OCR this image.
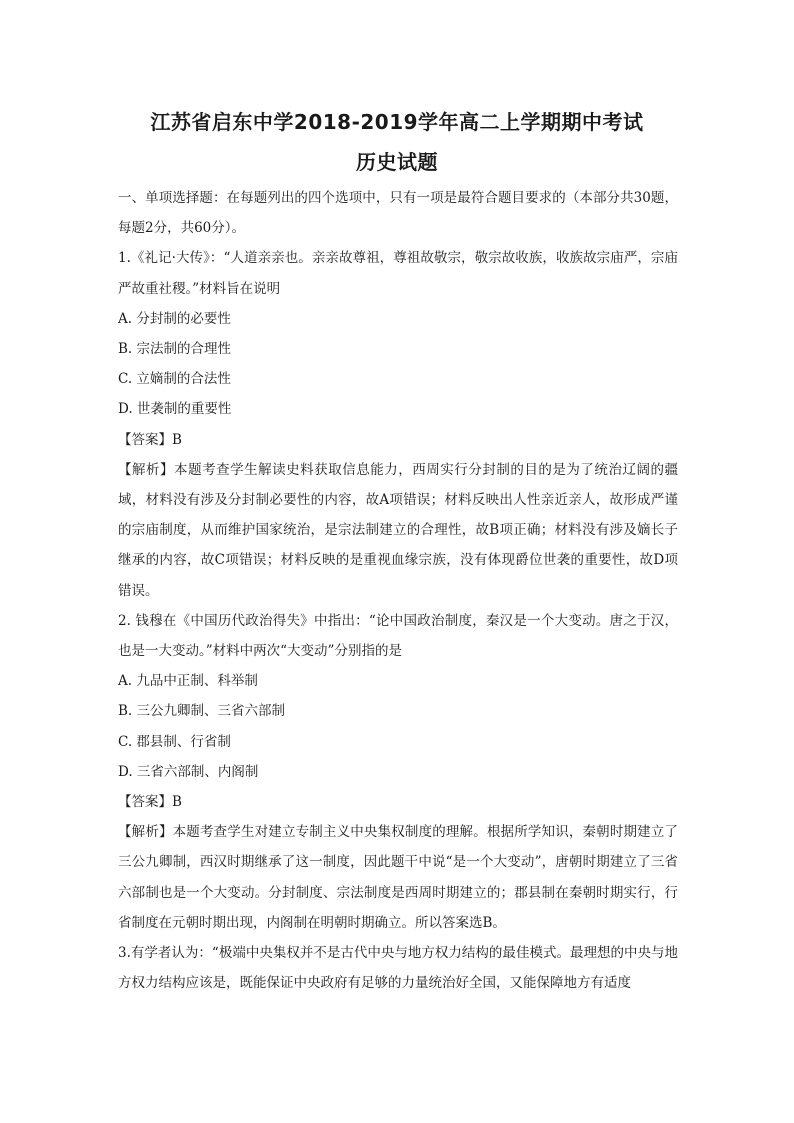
江苏省启东中学2018-2019学年高二上学期期中考试
历史试题

一、单项选择题：在每题列出的四个选项中，只有一项是最符合题目要求的（本部分共30题，每题2分，共60分）。

1.《礼记·大传》：“人道亲亲也。亲亲故尊祖，尊祖故敬宗，敬宗故收族，收族故宗庙严，宗庙严故重社稷。”材料旨在说明

A. 分封制的必要性

B. 宗法制的合理性

C. 立嫡制的合法性

D. 世袭制的重要性

【答案】B

【解析】本题考查学生解读史料获取信息能力，西周实行分封制的目的是为了统治辽阔的疆域，材料没有涉及分封制必要性的内容，故A项错误；材料反映出人性亲近亲人，故形成严谨的宗庙制度，从而维护国家统治，是宗法制建立的合理性，故B项正确；材料没有涉及嫡长子继承的内容，故C项错误；材料反映的是重视血缘宗族，没有体现爵位世袭的重要性，故D项错误。

2. 钱穆在《中国历代政治得失》中指出：“论中国政治制度，秦汉是一个大变动。唐之于汉，也是一大变动。”材料中两次“大变动”分别指的是

A. 九品中正制、科举制

B. 三公九卿制、三省六部制

C. 郡县制、行省制

D. 三省六部制、内阁制

【答案】B

【解析】本题考查学生对建立专制主义中央集权制度的理解。根据所学知识，秦朝时期建立了三公九卿制，西汉时期继承了这一制度，因此题干中说“是一个大变动”，唐朝时期建立了三省六部制也是一个大变动。分封制度、宗法制度是西周时期建立的；郡县制在秦朝时期实行，行省制度在元朝时期出现，内阁制在明朝时期确立。所以答案选B。

3.有学者认为：“极端中央集权并不是古代中央与地方权力结构的最佳模式。最理想的中央与地方权力结构应该是，既能保证中央政府有足够的力量统治好全国，又能保障地方有适度
